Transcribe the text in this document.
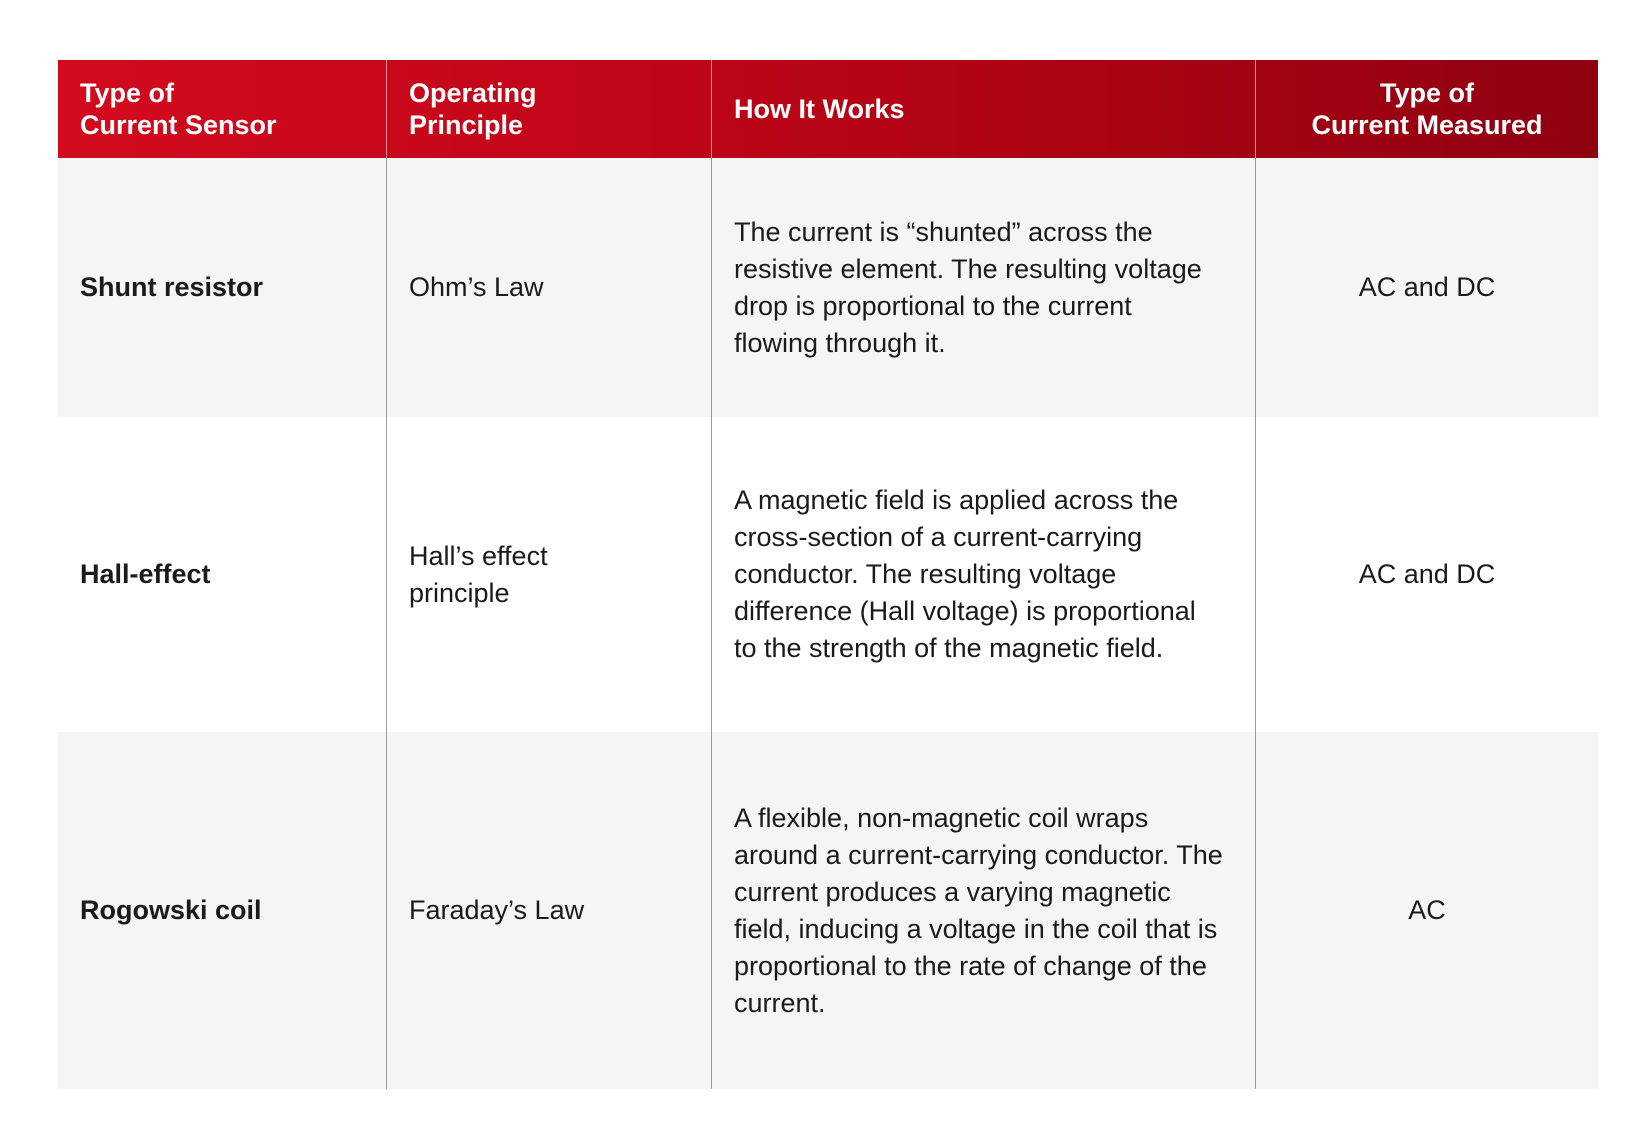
Type of
Current Sensor
Operating
Principle
How It Works
Type of
Current Measured
Shunt resistor	Ohm’s Law
The current is “shunted” across the resistive element. The resulting voltage drop is proportional to the current flowing through it.
AC and DC
Hall-effect
Hall’s effect principle
A magnetic field is applied across the cross-section of a current-carrying conductor. The resulting voltage difference (Hall voltage) is proportional to the strength of the magnetic field.
AC and DC
Rogowski coil	Faraday’s Law
A flexible, non-magnetic coil wraps around a current-carrying conductor. The current produces a varying magnetic field, inducing a voltage in the coil that is proportional to the rate of change of the current.
AC
